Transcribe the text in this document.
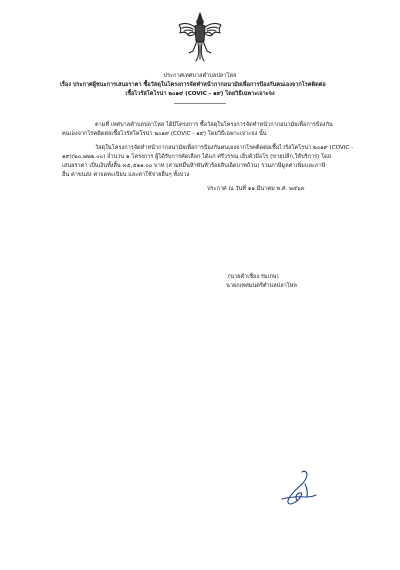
ประกาศเทศบาลตำบลปลาโหล
เรื่อง ประกาศผู้ชนะการเสนอราคา ซื้อวัสดุในโครงการจัดทำหน้ากากอนามัยเพื่อการป้องกันคนเองจากโรคติดต่อ
เชื้อไวรัสโคโรน่า ๒๐๑๙ (COVIC - ๑๙) โดยวิธีเฉพาะเจาะจง
ตามที่ เทศบาลตำบลปลาโหล ได้มีโครงการ ซื้อวัสดุในโครงการจัดทำหน้ากากอนามัยเพื่อการป้องกัน
คนเองจากโรคติดต่อเชื้อไวรัสโคโรน่า ๒๐๑๙ (COVIC - ๑๙) โดยวิธีเฉพาะเจาะจง นั้น
วัสดุในโครงการจัดทำหน้ากากอนามัยเพื่อการป้องกันคนเองจากโรคติดต่อเชื้อไวรัสโคโรน่า ๒๐๑๙ (COVIC -
๑๙)(๒๐,๗๒๒.๐๐) จำนวน ๑ โครงการ ผู้ได้รับการคัดเลือก ได้แก่ ศรีวรรณ เย็บผ้ามือโร (ขายปลีก,ให้บริการ) โดย
เสนอราคา เป็นเงินทั้งสิ้น ๓๕,๕๑๑.๐๐ บาท (สามหมื่นห้าพันห้าร้อยสิบเอ็ดบาทถ้วน) รวมภาษีมูลค่าเพิ่มและภาษี
อื่น ค่าขนส่ง ค่าจดทะเบียน และค่าใช้จ่ายอื่นๆ ทั้งปวง
ประกาศ ณ วันที่ ๑๑ มีนาคม พ.ศ. ๒๕๖๓
(นายคำเชื่อง ร่มเกษ)
นายกเทศมนตรีตำบลปลาโหล
